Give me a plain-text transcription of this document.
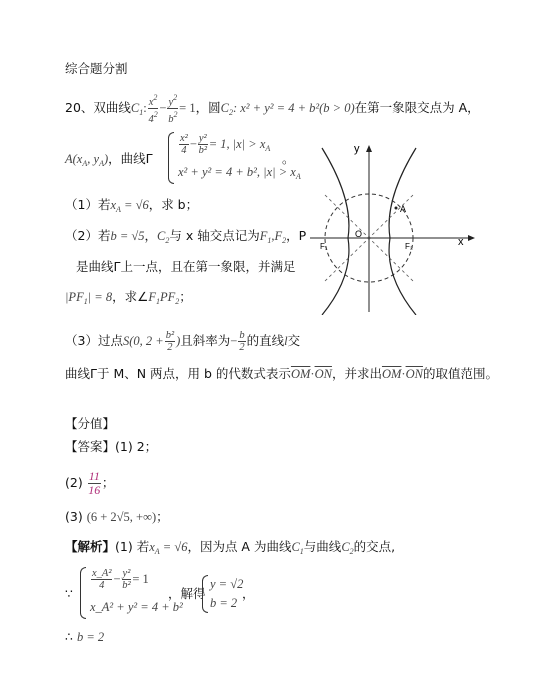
综合题分割
20、双曲线$C_1$: $\frac{x^2}{4^2} - \frac{y^2}{b^2} = 1$，圆$C_2$: x² + y² = 4 + b²(b > 0)在第一象限交点为 A，
$A(x_A$, $y_A$)，曲线Γ
$\frac{\text{x²}}{4} - \frac{\text{y²}}{\text{b²}} = 1$, $|x| > x_A$
x² + y² = 4 + b², $|x| > x_A$
。
（1）若$x_A = √6$，求 b；
（2）若b = √5，$C_2$与 x 轴交点记为$F_1,F_2$，P
是曲线Γ上一点，且在第一象限，并满足
$|PF_1| = 8$，求$\angle F_1PF_2$；
（3）过点S(0, $2 + \frac{\text{b²}}{2}$ )且斜率为− $\frac{b}{2}$ 的直线l交
曲线Γ于 M、N 两点，用 b 的代数式表示$\overline{OM}\cdot\overline{ON}$，并求出$\overline{OM}\cdot\overline{ON}$的取值范围。
y
x
O
A
F₁	F₂
【分值】
【答案】(1) 2；
$(2) \frac{11}{16}$ ；
(3) (6 + 2√5, +∞)；
【解析】(1) 若$x_A = √6$，因为点 A 为曲线$C_1$与曲线$C_2$的交点,
∵
$\frac{\text{x\_A²}}{4} - \frac{\text{y²}}{\text{b²}} = 1$
x_A² + y² = 4 + b²
，解得
y = √2
b = 2
，
∴ b = 2
